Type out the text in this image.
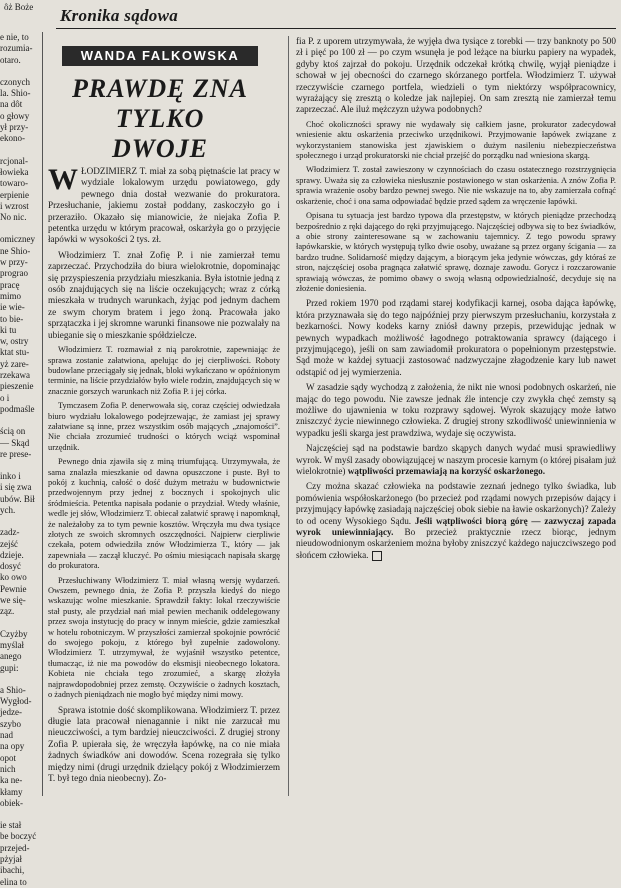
ôż Boże Kronika sądowa
e nie, to
rozumia-
otaro.
czonych
la. Shio-
na dôt
o głowy
ył przy-
ekono-
rcjonal-
łowieka
towaro-
erpienie
i wzrost
No nic.
omiczney
ne Shio-
w przy-
prograo
pracę
mimo
ie wie-
to bie-
ki tu
w, ostry
ktat stu-
yż zare-
rzekawa
pieszenie
o i
podmaśle
ścią on
— Skąd
re prese-
inko i
i się zwa
ubów. Bił
ych.
zadz-
zejść
dzieje.
dosyć
ko owo
Pewnie
we się-
ząz.
Czyżby
myślał
anego
gupi:
a Shio-
Wygłod-
jedze-
szybo
nad
na opy
opot
nich
ka ne-
kłamy
obiek-
ie stał
be boczyć
przejed-
pżyjał
ibachi,
elina to
WANDA FALKOWSKA
PRAWDĘ ZNA TYLKO
DWOJE

WŁODZIMIERZ T. miał za sobą piętnaście lat pracy w wydziale lokalowym urzędu powiatowego, gdy pewnego dnia dostał wezwanie do prokuratora. Przesłuchanie, jakiemu został poddany, zaskoczyło go i przeraziło. Okazało się mianowicie, że niejaka Zofia P. petentka urzędu w którym pracował, oskarżyła go o przyjęcie łapówki w wysokości 2 tys. zł.

Włodzimierz T. znał Zofię P. i nie zamierzał temu zaprzeczać. Przychodziła do biura wielokrotnie, dopominając się przyspieszenia przydziału mieszkania. Była istotnie jedną z osób znajdujących się na liście oczekujących; wraz z córką mieszkała w trudnych warunkach, żyjąc pod jednym dachem ze swym chorym bratem i jego żoną. Pracowała jako sprzątaczka i jej skromne warunki finansowe nie pozwalały na ubieganie się o mieszkanie spółdzielcze.

Włodzimierz T. rozmawiał z nią parokrotnie, zapewniając że sprawa zostanie załatwiona, apelując do jej cierpliwości. Roboty budowlane przeciągały się jednak, bloki wykańczano w opóźnionym terminie, na liście przydziałów było wiele rodzin, znajdujących się w znacznie gorszych warunkach niż Zofia P. i jej córka.

Tymczasem Zofia P. denerwowała się, coraz częściej odwiedzała biuro wydziału lokalowego podejrzewając, że zamiast jej sprawy załatwiane są inne, przez wszystkim osób mających „znajomości”. Nie chciała zrozumieć trudności o których wciąż wspominał urzędnik.

Pewnego dnia zjawiła się z miną triumfującą. Utrzymywała, że sama znalazła mieszkanie od dawna opuszczone i puste. Był to pokój z kuchnią, całość o dość dużym metrażu w budownictwie przedwojennym przy jednej z bocznych i spokojnych ulic śródmieścia. Petentka napisała podanie o przydział. Wtedy właśnie, wedle jej słów, Włodzimierz T. obiecał załatwić sprawę i napomknął, że należałoby za to tym pewnie kosztów. Wręczyła mu dwa tysiące złotych ze swoich skromnych oszczędności. Najpierw cierpliwie czekała, potem odwiedziła znów Włodzimierza T., który — jak zapewniała — zaczął kluczyć. Po ośmiu miesiącach napisała skargę do prokuratora.

Przesłuchiwany Włodzimierz T. miał własną wersję wydarzeń. Owszem, pewnego dnia, że Zofia P. przyszła kiedyś do niego wskazując wolne mieszkanie. Sprawdził fakty: lokal rzeczywiście stał pusty, ale przydział nań miał pewien mechanik oddelegowany przez swoja instytucję do pracy w innym mieście, gdzie zamieszkał w hotelu robotniczym. W przyszłości zamierzał spokojnie powrócić do swojego pokoju, z którego był zupełnie zadowolony. Włodzimierz T. utrzymywał, że wyjaśnił wszystko petentce, tłumacząc, iż nie ma powodów do eksmisji nieobecnego lokatora. Kobieta nie chciała tego zrozumieć, a skargę złożyła najprawdopodobniej przez zemstę. Oczywiście o żadnych kosztach, o żadnych pieniądzach nie mogło być między nimi mowy.

Sprawa istotnie dość skomplikowana. Włodzimierz T. przez długie lata pracował nienagannie i nikt nie zarzucał mu nieuczciwości, a tym bardziej nieuczciwości. Z drugiej strony Zofia P. upierała się, że wręczyła łapówkę, na co nie miała żadnych świadków ani dowodów. Scena rozegrała się tylko między nimi (drugi urzędnik dzielący pokój z Włodzimierzem T. był tego dnia nieobecny). Zo-

fia P. z uporem utrzymywała, że wyjęła dwa tysiące z torebki — trzy banknoty po 500 zł i pięć po 100 zł — po czym wsunęła je pod leżące na biurku papiery na wypadek, gdyby ktoś zajrzał do pokoju. Urzędnik odczekał krótką chwilę, wyjął pieniądze i schował w jej obecności do czarnego skórzanego portfela. Włodzimierz T. używał rzeczywiście czarnego portfela, wiedzieli o tym niektórzy współpracownicy, wyrażający się zresztą o koledze jak najlepiej. On sam zresztą nie zamierzał temu zaprzeczać. Ale iluż mężczyzn używa podobnych?

Choć okoliczności sprawy nie wydawały się całkiem jasne, prokurator zadecydował wniesienie aktu oskarżenia przeciwko urzędnikowi. Przyjmowanie łapówek związane z wykorzystaniem stanowiska jest zjawiskiem o dużym nasileniu niebezpieczeństwa społecznego i urząd prokuratorski nie chciał przejść do porządku nad wniesiona skargą.

Włodzimierz T. został zawieszony w czynnościach do czasu ostatecznego rozstrzygnięcia sprawy. Uważa się za człowieka niesłusznie postawionego w stan oskarżenia. A znów Zofia P. sprawia wrażenie osoby bardzo pewnej swego. Nie nie wskazuje na to, aby zamierzała cofnąć oskarżenie, choć i ona sama odpowiadać będzie przed sądem za wręczenie łapówki.

Opisana tu sytuacja jest bardzo typowa dla przestępstw, w których pieniądze przechodzą bezpośrednio z ręki dającego do ręki przyjmującego. Najczęściej odbywa się to bez świadków, a obie strony zainteresowane są w zachowaniu tajemnicy. Z tego powodu sprawy łapówkarskie, w których występują tylko dwie osoby, uważane są przez organy ścigania — za bardzo trudne. Solidarność między dającym, a biorącym jeka jedynie wówczas, gdy któraś ze stron, najczęściej osoba pragnąca załatwić sprawę, doznaje zawodu. Gorycz i rozczarowanie sprawiają wówczas, że pomimo obawy o swoją własną odpowiedzialność, decyduje się na złożenie doniesienia.

Przed rokiem 1970 pod rządami starej kodyfikacji karnej, osoba dająca łapówkę, która przyznawała się do tego najpóźniej przy pierwszym przesłuchaniu, korzystała z bezkarności. Nowy kodeks karny zniósł dawny przepis, przewidując jednak w pewnych wypadkach możliwość łagodnego potraktowania sprawcy (dającego i przyjmującego), jeśli on sam zawiadomił prokuratora o popełnionym przestępstwie. Sąd może w każdej sytuacji zastosować nadzwyczajne złagodzenie kary lub nawet odstąpić od jej wymierzenia.

W zasadzie sądy wychodzą z założenia, że nikt nie wnosi podobnych oskarżeń, nie mając do tego powodu. Nie zawsze jednak źle intencje czy zwykła chęć zemsty są możliwe do ujawnienia w toku rozprawy sądowej. Wyrok skazujący może łatwo zniszczyć życie niewinnego człowieka. Z drugiej strony szkodliwość uniewinnienia w wypadku jeśli skarga jest prawdziwa, wydaje się oczywista.

Najczęściej sąd na podstawie bardzo skąpych danych wydać musi sprawiedliwy wyrok. W myśl zasady obowiązującej w naszym procesie karnym (o której pisałam już wielokrotnie) wątpliwości przemawiają na korzyść oskarżonego.

Czy można skazać człowieka na podstawie zeznań jednego tylko świadka, lub pomówienia współoskarżonego (bo przecież pod rządami nowych przepisów dający i przyjmujący łapówkę zasiadają najczęściej obok siebie na ławie oskarżonych)? Zależy to od oceny Wysokiego Sądu. Jeśli wątpliwości biorą górę — zazwyczaj zapada wyrok uniewinniający. Bo przecież praktycznie rzecz biorąc, jednym nieudowodnionym oskarżeniem można byłoby zniszczyć każdego najuczciwszego pod słońcem człowieka.
